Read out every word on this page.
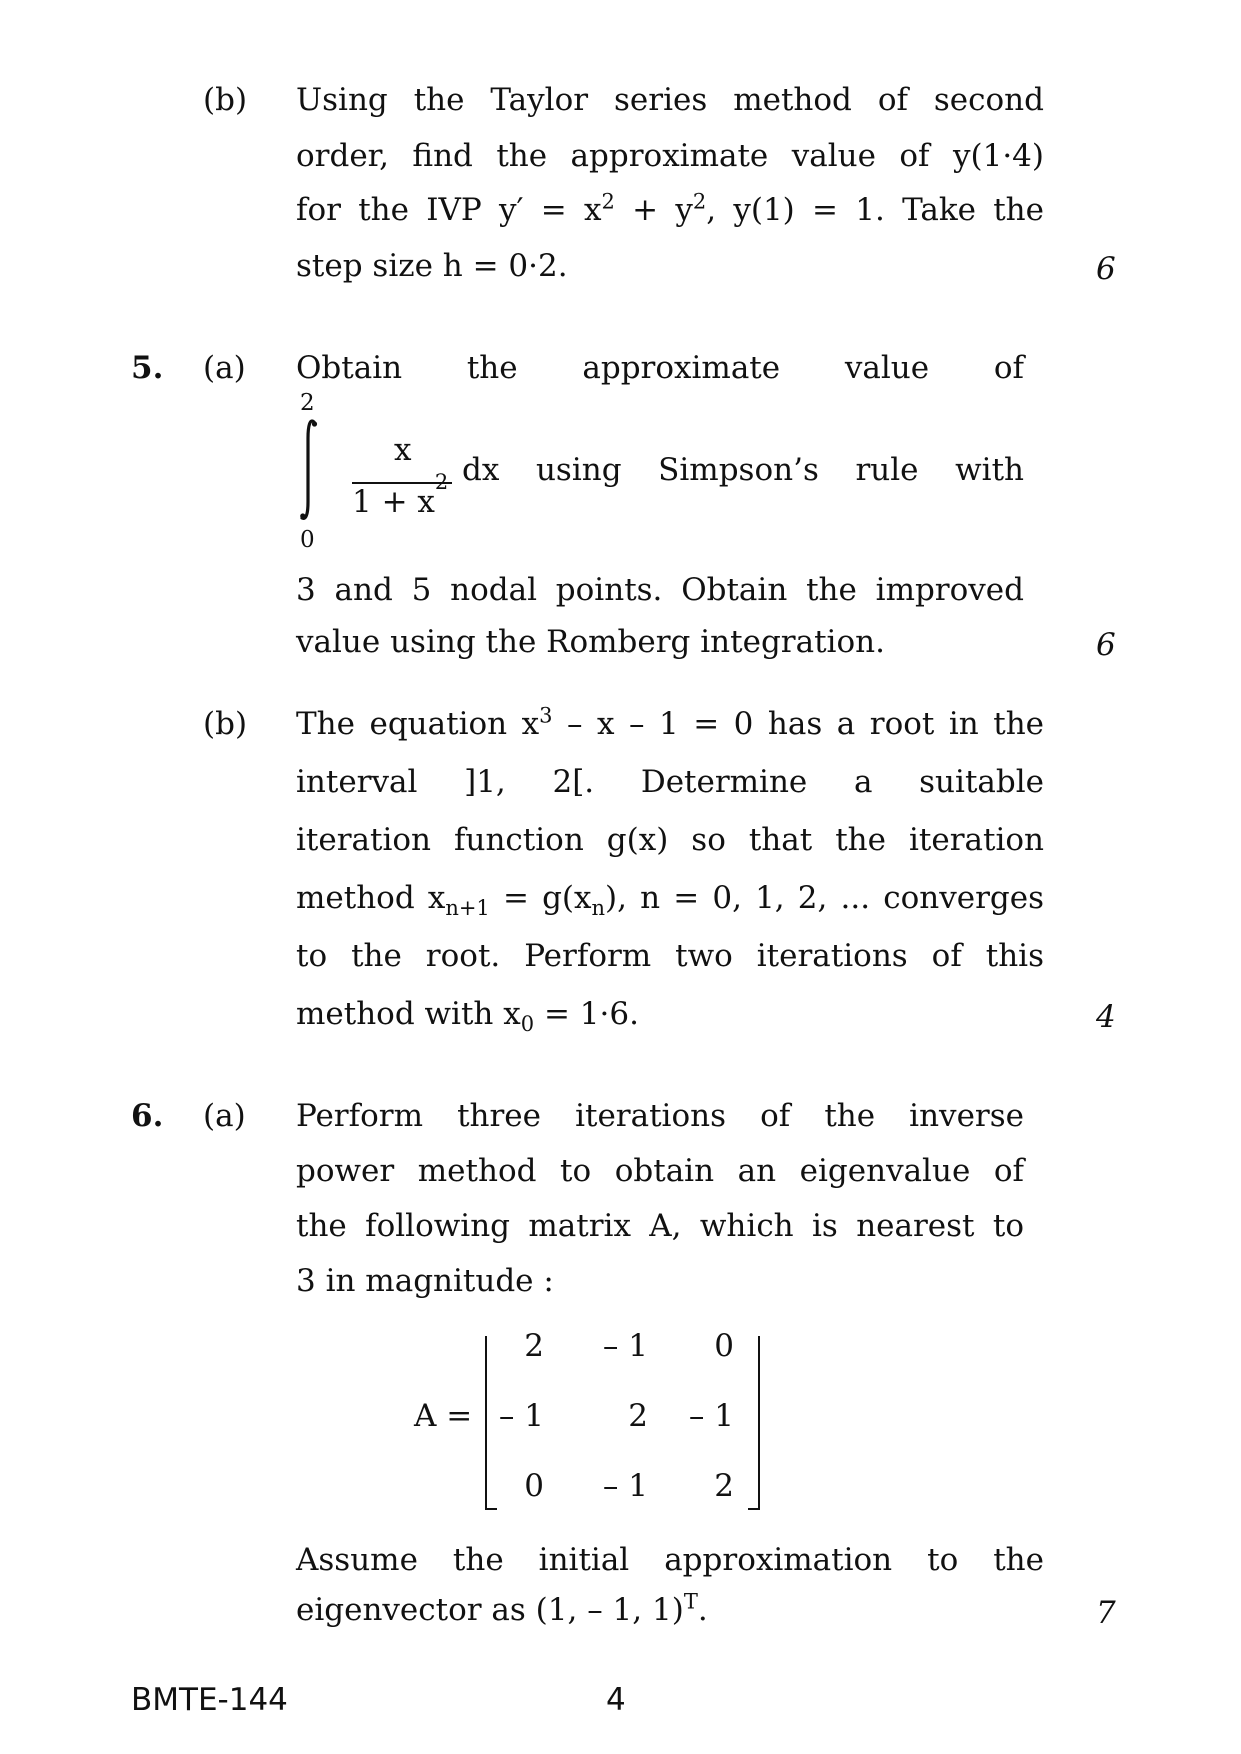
(b) Using the Taylor series method of second
order, find the approximate value of y(1·4)
for the IVP $y' = x^2 + y^2$, y(1) = 1. Take the
step size h = 0·2.	6
5. (a) Obtain the approximate value of
2
0
x
$1 + x^2$ dx using Simpson’s rule with
3 and 5 nodal points. Obtain the improved
value using the Romberg integration.	6
(b) The equation $x^3 - x - 1 = 0$ has a root in the
interval ]1, 2[. Determine a suitable
iteration function g(x) so that the iteration
method $x_{n+1} = g(x_n)$, n = 0, 1, 2, ... converges
to the root. Perform two iterations of this
method with $x_0 = 1\cdot 6$.	4
6. (a) Perform three iterations of the inverse
power method to obtain an eigenvalue of
the following matrix A, which is nearest to
3 in magnitude :
A =
2	– 1	0
– 1	2	– 1
0	– 1	2
Assume the initial approximation to the
eigenvector as (1, – 1, 1)$^T$.	7
BMTE-144	4
